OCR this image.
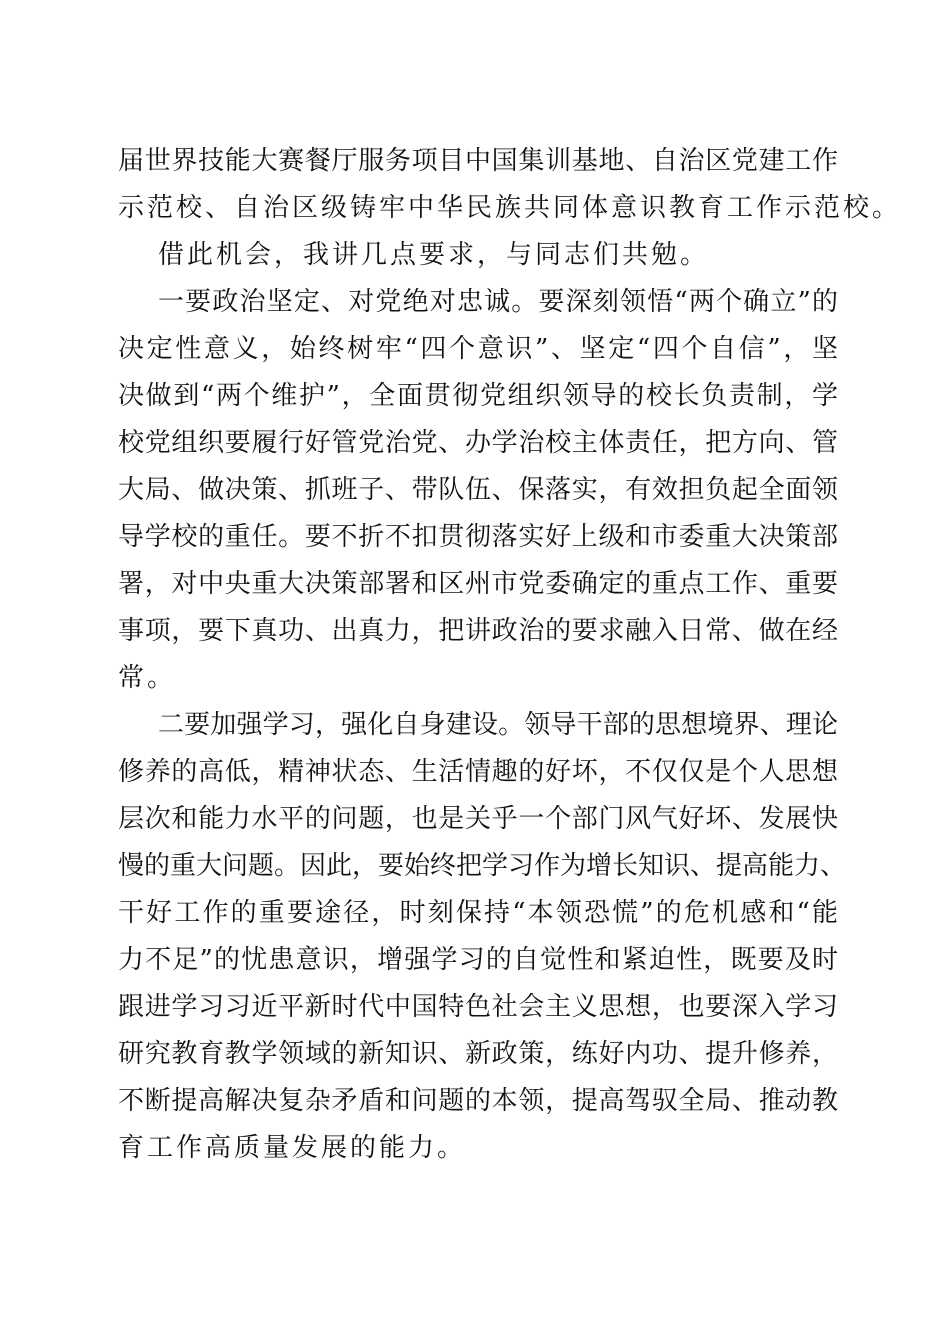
届世界技能大赛餐厅服务项目中国集训基地、自治区党建工作
示范校、自治区级铸牢中华民族共同体意识教育工作示范校。
借此机会，我讲几点要求，与同志们共勉。
一要政治坚定、对党绝对忠诚。要深刻领悟“两个确立”的
决定性意义，始终树牢“四个意识”、坚定“四个自信”，坚
决做到“两个维护”，全面贯彻党组织领导的校长负责制，学
校党组织要履行好管党治党、办学治校主体责任，把方向、管
大局、做决策、抓班子、带队伍、保落实，有效担负起全面领
导学校的重任。要不折不扣贯彻落实好上级和市委重大决策部
署，对中央重大决策部署和区州市党委确定的重点工作、重要
事项，要下真功、出真力，把讲政治的要求融入日常、做在经
常。
二要加强学习，强化自身建设。领导干部的思想境界、理论
修养的高低，精神状态、生活情趣的好坏，不仅仅是个人思想
层次和能力水平的问题，也是关乎一个部门风气好坏、发展快
慢的重大问题。因此，要始终把学习作为增长知识、提高能力、
干好工作的重要途径，时刻保持“本领恐慌”的危机感和“能
力不足”的忧患意识，增强学习的自觉性和紧迫性，既要及时
跟进学习习近平新时代中国特色社会主义思想，也要深入学习
研究教育教学领域的新知识、新政策，练好内功、提升修养，
不断提高解决复杂矛盾和问题的本领，提高驾驭全局、推动教
育工作高质量发展的能力。
